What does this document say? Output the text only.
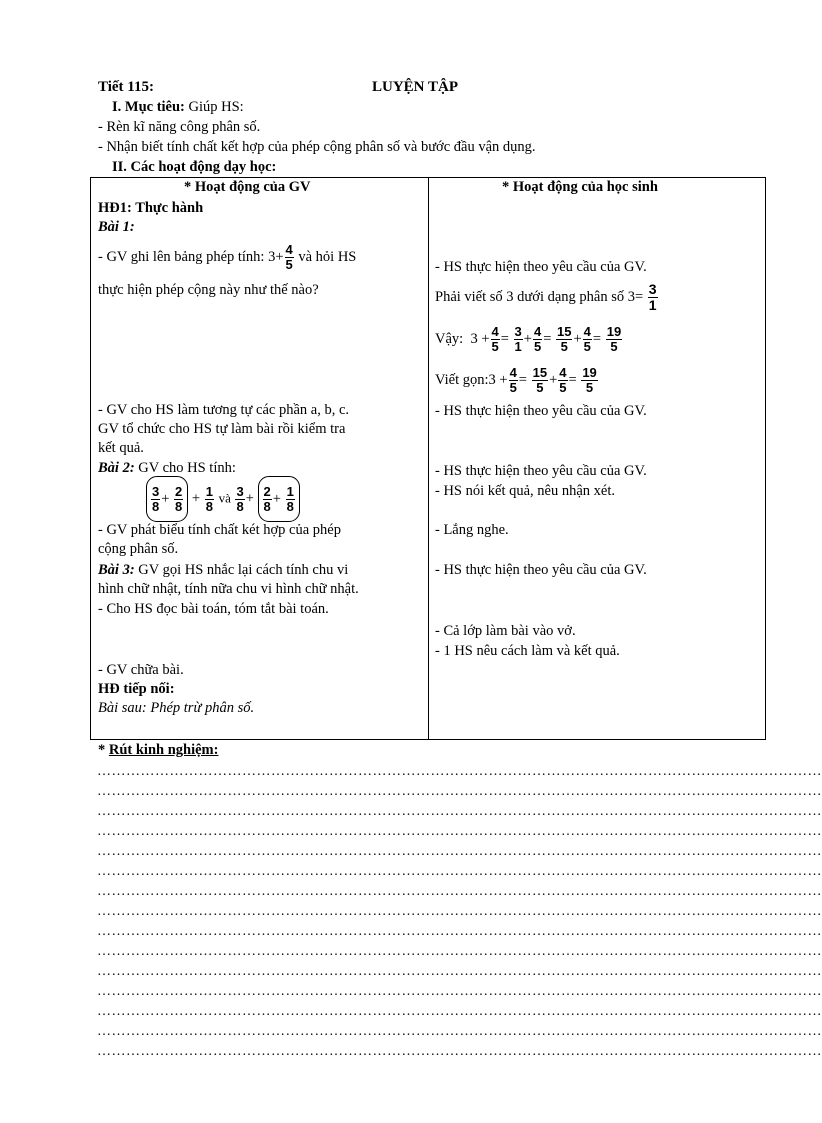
Tiết 115:	LUYỆN TẬP
I. Mục tiêu: Giúp HS:
- Rèn kĩ năng công phân số.
- Nhận biết tính chất kết hợp của phép cộng phân số và bước đầu vận dụng.
II. Các hoạt động dạy học:
* Hoạt động của GV	* Hoạt động của học sinh
HĐ1: Thực hành
Bài 1:
- GV ghi lên bảng phép tính: $3+ \frac{4}{5}$ và hỏi HS
thực hiện phép cộng này như thế nào?
- GV cho HS làm tương tự các phần a, b, c.
GV tổ chức cho HS tự làm bài rồi kiểm tra
kết quả.
Bài 2: GV cho HS tính:
$\frac{3}{8} + \frac{2}{8} + \frac{1}{8}$ và $\frac{3}{8} + \frac{2}{8} + \frac{1}{8}$
- GV phát biểu tính chất két hợp của phép
cộng phân số.
Bài 3: GV gọi HS nhắc lại cách tính chu vi
hình chữ nhật, tính nữa chu vi hình chữ nhật.
- Cho HS đọc bài toán, tóm tắt bài toán.
- GV chữa bài.
HĐ tiếp nối:
Bài sau: Phép trừ phân số.
- HS thực hiện theo yêu cầu của GV.
Phải viết số 3 dưới dạng phân số $3= \frac{3}{1}$
Vậy:  $3 + \frac{4}{5} = \frac{3}{1} + \frac{4}{5} = \frac{15}{5} + \frac{4}{5} = \frac{19}{5}$
Viết gọn:3 + $\frac{4}{5} = \frac{15}{5} + \frac{4}{5} = \frac{19}{5}$
- HS thực hiện theo yêu cầu của GV.
- HS thực hiện theo yêu cầu của GV.
- HS nói kết quả, nêu nhận xét.
- Lắng nghe.
- HS thực hiện theo yêu cầu của GV.
- Cả lớp làm bài vào vở.
- 1 HS nêu cách làm và kết quả.
* Rút kinh nghiệm:
……………………………………………………………………………………………………………………………………
……………………………………………………………………………………………………………………………………
……………………………………………………………………………………………………………………………………
……………………………………………………………………………………………………………………………………
……………………………………………………………………………………………………………………………………
……………………………………………………………………………………………………………………………………
……………………………………………………………………………………………………………………………………
……………………………………………………………………………………………………………………………………
……………………………………………………………………………………………………………………………………
……………………………………………………………………………………………………………………………………
……………………………………………………………………………………………………………………………………
……………………………………………………………………………………………………………………………………
……………………………………………………………………………………………………………………………………
……………………………………………………………………………………………………………………………………
……………………………………………………………………………………………………………………………………
